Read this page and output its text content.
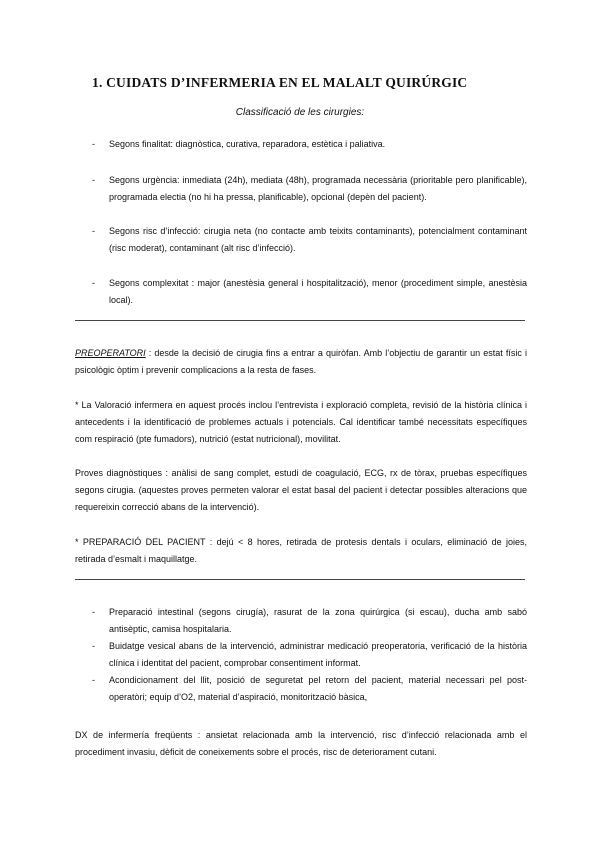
1. CUIDATS D’INFERMERIA EN EL MALALT QUIRÚRGIC
Classificació de les cirurgies:
- Segons finalitat: diagnòstica, curativa, reparadora, estètica i paliativa.
- Segons urgència: inmediata (24h), mediata (48h), programada necessària (prioritable pero planificable), programada electia (no hi ha pressa, planificable), opcional (depèn del pacient).
- Segons risc d’infecció: cirugia neta (no contacte amb teixits contaminants), potencialment contaminant (risc moderat), contaminant (alt risc d’infecció).
- Segons complexitat : major (anestèsia general i hospitalització), menor (procediment simple, anestèsia local).

PREOPERATORI : desde la decisió de cirugia fins a entrar a quiròfan. Amb l’objectiu de garantir un estat físic i psicològic òptim i prevenir complicacions a la resta de fases.

* La Valoració infermera en aquest procés inclou l’entrevista i exploració completa, revisió de la història clínica i antecedents i la identificació de problemes actuals i potencials. Cal identificar també necessitats específiques com respiració (pte fumadors), nutrició (estat nutricional), movilitat.

Proves diagnòstiques : anàlisi de sang complet, estudi de coagulació, ECG, rx de tòrax, pruebas específiques segons cirugia. (aquestes proves permeten valorar el estat basal del pacient i detectar possibles alteracions que requereixin correcció abans de la intervenció).

* PREPARACIÓ DEL PACIENT : dejú < 8 hores, retirada de protesis dentals i oculars, eliminació de joies, retirada d’esmalt i maquillatge.

- Preparació intestinal (segons cirugía), rasurat de la zona quirúrgica (si escau), ducha amb sabó antisèptic, camisa hospitalaria.
- Buidatge vesical abans de la intervenció, administrar medicació preoperatoria, verificació de la història clínica i identitat del pacient, comprobar consentiment informat.
- Acondicionament del llit, posició de seguretat pel retorn del pacient, material necessari pel post-operatòri; equip d’O2, material d’aspiració, monitorització bàsica,

DX de infermería freqüents : ansietat relacionada amb la intervenció, risc d’infecció relacionada amb el procediment invasiu, dèficit de coneixements sobre el procés, risc de deteriorament cutani.
